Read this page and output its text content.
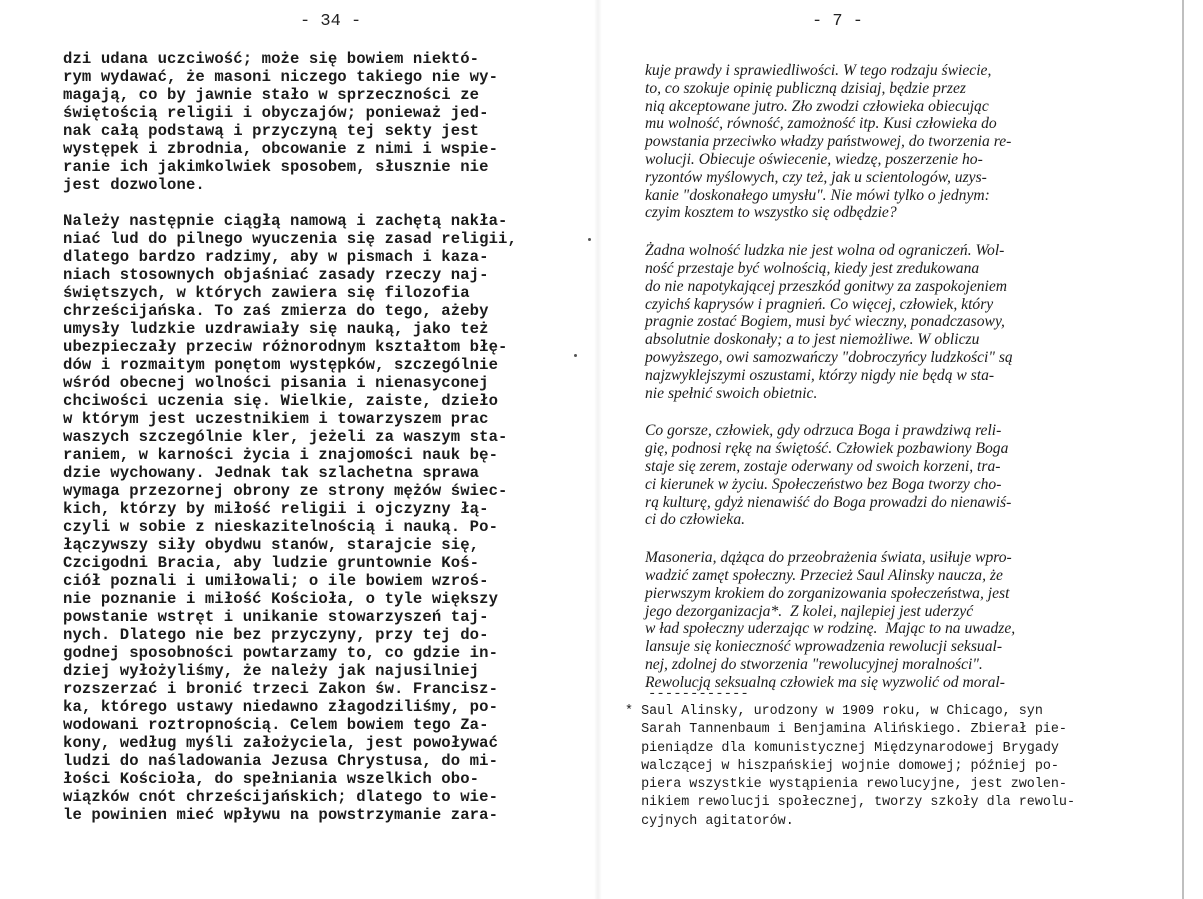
- 34 -
dzi udana uczciwość; może się bowiem niektó-
rym wydawać, że masoni niczego takiego nie wy-
magają, co by jawnie stało w sprzeczności ze
świętością religii i obyczajów; ponieważ jed-
nak całą podstawą i przyczyną tej sekty jest
występek i zbrodnia, obcowanie z nimi i wspie-
ranie ich jakimkolwiek sposobem, słusznie nie
jest dozwolone.
Należy następnie ciągłą namową i zachętą nakła-
niać lud do pilnego wyuczenia się zasad religii,
dlatego bardzo radzimy, aby w pismach i kaza-
niach stosownych objaśniać zasady rzeczy naj-
świętszych, w których zawiera się filozofia
chrześcijańska. To zaś zmierza do tego, ażeby
umysły ludzkie uzdrawiały się nauką, jako też
ubezpieczały przeciw różnorodnym kształtom błę-
dów i rozmaitym ponętom występków, szczególnie
wśród obecnej wolności pisania i nienasyconej
chciwości uczenia się. Wielkie, zaiste, dzieło
w którym jest uczestnikiem i towarzyszem prac
waszych szczególnie kler, jeżeli za waszym sta-
raniem, w karności życia i znajomości nauk bę-
dzie wychowany. Jednak tak szlachetna sprawa
wymaga przezornej obrony ze strony mężów świec-
kich, którzy by miłość religii i ojczyzny łą-
czyli w sobie z nieskazitelnością i nauką. Po-
łączywszy siły obydwu stanów, starajcie się,
Czcigodni Bracia, aby ludzie gruntownie Koś-
ciół poznali i umiłowali; o ile bowiem wzroś-
nie poznanie i miłość Kościoła, o tyle większy
powstanie wstręt i unikanie stowarzyszeń taj-
nych. Dlatego nie bez przyczyny, przy tej do-
godnej sposobności powtarzamy to, co gdzie in-
dziej wyłożyliśmy, że należy jak najusilniej
rozszerzać i bronić trzeci Zakon św. Francisz-
ka, którego ustawy niedawno złagodziliśmy, po-
wodowani roztropnością. Celem bowiem tego Za-
kony, według myśli założyciela, jest powoływać
ludzi do naśladowania Jezusa Chrystusa, do mi-
łości Kościoła, do spełniania wszelkich obo-
wiązków cnót chrześcijańskich; dlatego to wie-
le powinien mieć wpływu na powstrzymanie zara-
- 7 -
kuje prawdy i sprawiedliwości. W tego rodzaju świecie,
to, co szokuje opinię publiczną dzisiaj, będzie przez
nią akceptowane jutro. Zło zwodzi człowieka obiecując
mu wolność, równość, zamożność itp. Kusi człowieka do
powstania przeciwko władzy państwowej, do tworzenia re-
wolucji. Obiecuje oświecenie, wiedzę, poszerzenie ho-
ryzontów myślowych, czy też, jak u scientologów, uzys-
kanie "doskonałego umysłu". Nie mówi tylko o jednym:
czyim kosztem to wszystko się odbędzie?
Żadna wolność ludzka nie jest wolna od ograniczeń. Wol-
ność przestaje być wolnością, kiedy jest zredukowana
do nie napotykającej przeszkód gonitwy za zaspokojeniem
czyichś kaprysów i pragnień. Co więcej, człowiek, który
pragnie zostać Bogiem, musi być wieczny, ponadczasowy,
absolutnie doskonały; a to jest niemożliwe. W obliczu
powyższego, owi samozwańczy "dobroczyńcy ludzkości" są
najzwyklejszymi oszustami, którzy nigdy nie będą w sta-
nie spełnić swoich obietnic.
Co gorsze, człowiek, gdy odrzuca Boga i prawdziwą reli-
gię, podnosi rękę na świętość. Człowiek pozbawiony Boga
staje się zerem, zostaje oderwany od swoich korzeni, tra-
ci kierunek w życiu. Społeczeństwo bez Boga tworzy cho-
rą kulturę, gdyż nienawiść do Boga prowadzi do nienawiś-
ci do człowieka.
Masoneria, dążąca do przeobrażenia świata, usiłuje wpro-
wadzić zamęt społeczny. Przecież Saul Alinsky naucza, że
pierwszym krokiem do zorganizowania społeczeństwa, jest
jego dezorganizacja*.  Z kolei, najlepiej jest uderzyć
w ład społeczny uderzając w rodzinę.  Mając to na uwadze,
lansuje się konieczność wprowadzenia rewolucji seksual-
nej, zdolnej do stworzenia "rewolucyjnej moralności".
Rewolucją seksualną człowiek ma się wyzwolić od moral-
------------
* Saul Alinsky, urodzony w 1909 roku, w Chicago, syn
Sarah Tannenbaum i Benjamina Alińskiego. Zbierał pie-
pieniądze dla komunistycznej Międzynarodowej Brygady
walczącej w hiszpańskiej wojnie domowej; później po-
piera wszystkie wystąpienia rewolucyjne, jest zwolen-
nikiem rewolucji społecznej, tworzy szkoły dla rewolu-
cyjnych agitatorów.
